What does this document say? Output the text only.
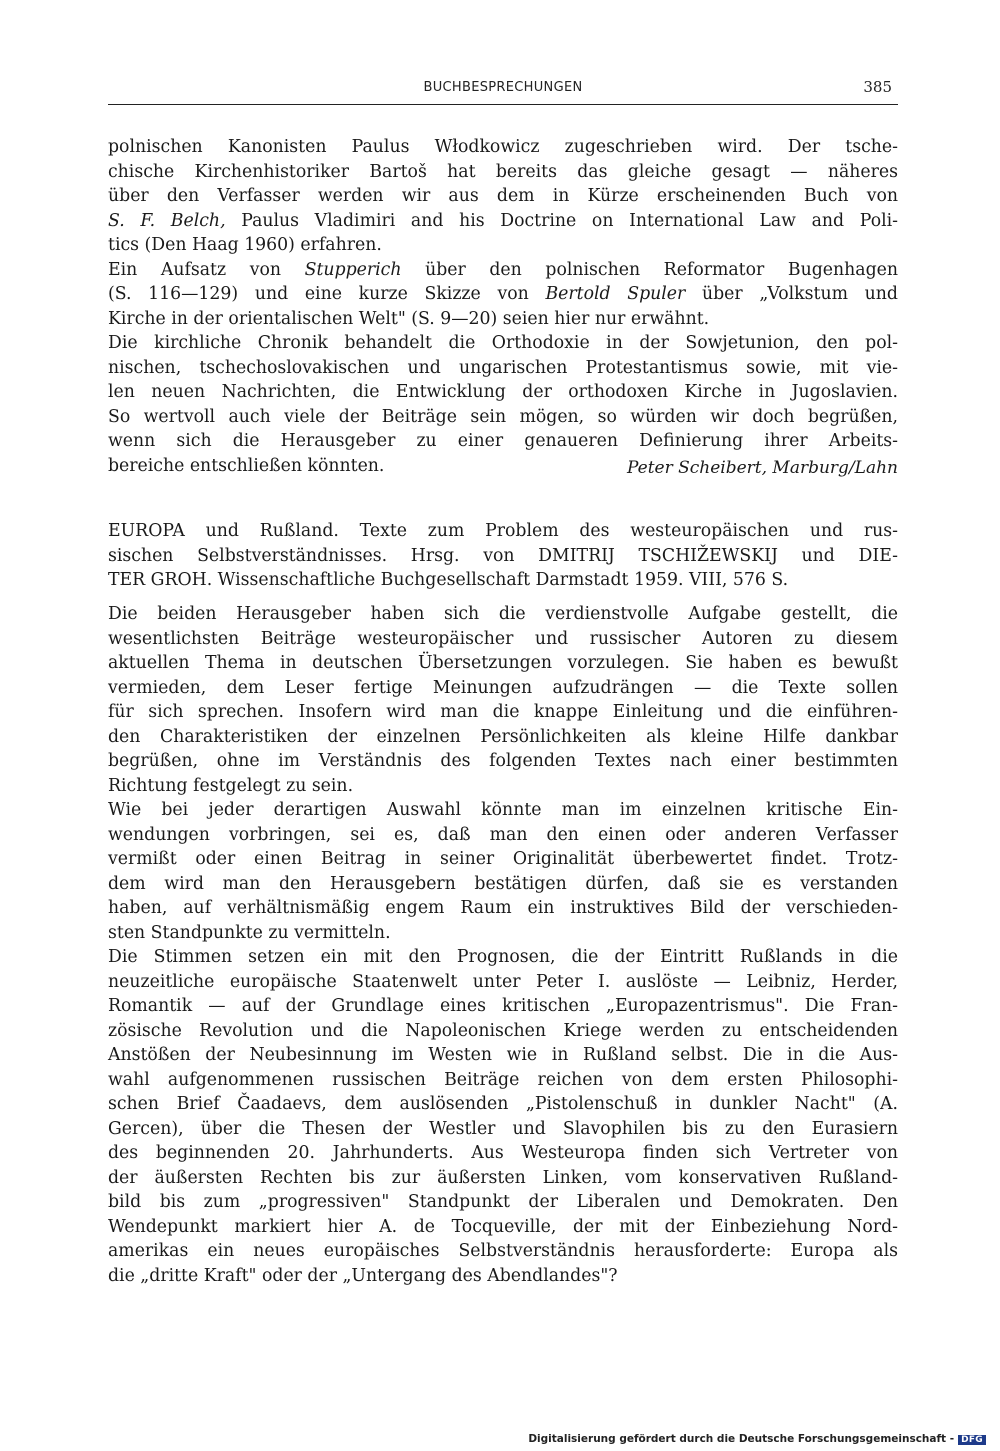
BUCHBESPRECHUNGEN	385
polnischen Kanonisten Paulus Włodkowicz zugeschrieben wird. Der tsche-
chische Kirchenhistoriker Bartoš hat bereits das gleiche gesagt — näheres
über den Verfasser werden wir aus dem in Kürze erscheinenden Buch von
S. F. Belch, Paulus Vladimiri and his Doctrine on International Law and Poli-
tics (Den Haag 1960) erfahren.
Ein Aufsatz von Stupperich über den polnischen Reformator Bugenhagen
(S. 116—129) und eine kurze Skizze von Bertold Spuler über „Volkstum und
Kirche in der orientalischen Welt" (S. 9—20) seien hier nur erwähnt.
Die kirchliche Chronik behandelt die Orthodoxie in der Sowjetunion, den pol-
nischen, tschechoslovakischen und ungarischen Protestantismus sowie, mit vie-
len neuen Nachrichten, die Entwicklung der orthodoxen Kirche in Jugoslavien.
So wertvoll auch viele der Beiträge sein mögen, so würden wir doch begrüßen,
wenn sich die Herausgeber zu einer genaueren Definierung ihrer Arbeits-
bereiche entschließen könnten.	Peter Scheibert, Marburg/Lahn
EUROPA und Rußland. Texte zum Problem des westeuropäischen und rus-
sischen Selbstverständnisses. Hrsg. von DMITRIJ TSCHIŽEWSKIJ und DIE-
TER GROH. Wissenschaftliche Buchgesellschaft Darmstadt 1959. VIII, 576 S.
Die beiden Herausgeber haben sich die verdienstvolle Aufgabe gestellt, die
wesentlichsten Beiträge westeuropäischer und russischer Autoren zu diesem
aktuellen Thema in deutschen Übersetzungen vorzulegen. Sie haben es bewußt
vermieden, dem Leser fertige Meinungen aufzudrängen — die Texte sollen
für sich sprechen. Insofern wird man die knappe Einleitung und die einführen-
den Charakteristiken der einzelnen Persönlichkeiten als kleine Hilfe dankbar
begrüßen, ohne im Verständnis des folgenden Textes nach einer bestimmten
Richtung festgelegt zu sein.
Wie bei jeder derartigen Auswahl könnte man im einzelnen kritische Ein-
wendungen vorbringen, sei es, daß man den einen oder anderen Verfasser
vermißt oder einen Beitrag in seiner Originalität überbewertet findet. Trotz-
dem wird man den Herausgebern bestätigen dürfen, daß sie es verstanden
haben, auf verhältnismäßig engem Raum ein instruktives Bild der verschieden-
sten Standpunkte zu vermitteln.
Die Stimmen setzen ein mit den Prognosen, die der Eintritt Rußlands in die
neuzeitliche europäische Staatenwelt unter Peter I. auslöste — Leibniz, Herder,
Romantik — auf der Grundlage eines kritischen „Europazentrismus". Die Fran-
zösische Revolution und die Napoleonischen Kriege werden zu entscheidenden
Anstößen der Neubesinnung im Westen wie in Rußland selbst. Die in die Aus-
wahl aufgenommenen russischen Beiträge reichen von dem ersten Philosophi-
schen Brief Čaadaevs, dem auslösenden „Pistolenschuß in dunkler Nacht" (A.
Gercen), über die Thesen der Westler und Slavophilen bis zu den Eurasiern
des beginnenden 20. Jahrhunderts. Aus Westeuropa finden sich Vertreter von
der äußersten Rechten bis zur äußersten Linken, vom konservativen Rußland-
bild bis zum „progressiven" Standpunkt der Liberalen und Demokraten. Den
Wendepunkt markiert hier A. de Tocqueville, der mit der Einbeziehung Nord-
amerikas ein neues europäisches Selbstverständnis herausforderte: Europa als
die „dritte Kraft" oder der „Untergang des Abendlandes"?
Digitalisierung gefördert durch die Deutsche Forschungsgemeinschaft - DFG
